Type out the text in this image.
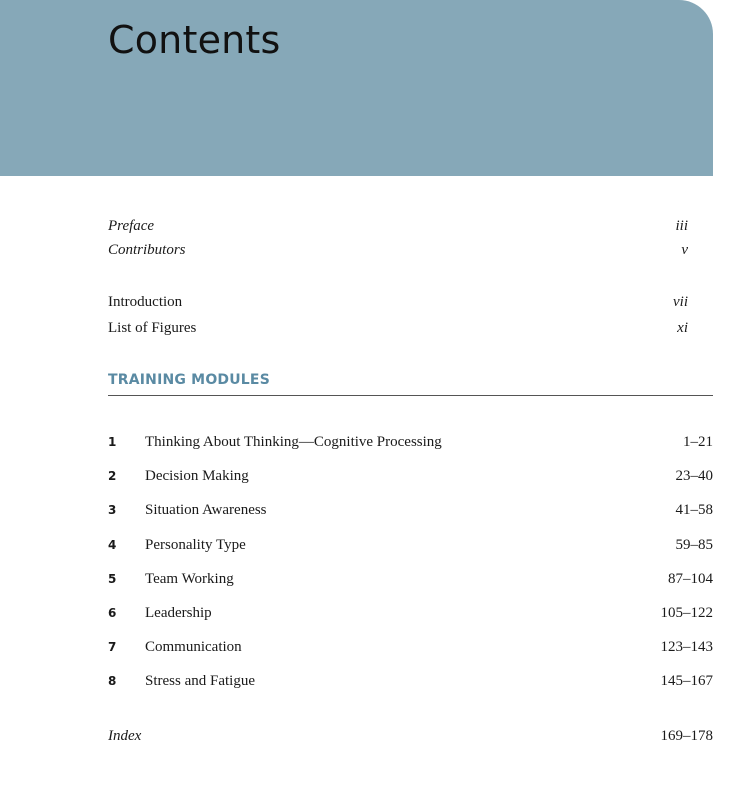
Contents
Preface	iii
Contributors	v
Introduction	vii
List of Figures	xi
TRAINING MODULES
1 Thinking About Thinking—Cognitive Processing	1–21
2 Decision Making	23–40
3 Situation Awareness	41–58
4 Personality Type	59–85
5 Team Working	87–104
6 Leadership	105–122
7 Communication	123–143
8 Stress and Fatigue	145–167
Index	169–178
